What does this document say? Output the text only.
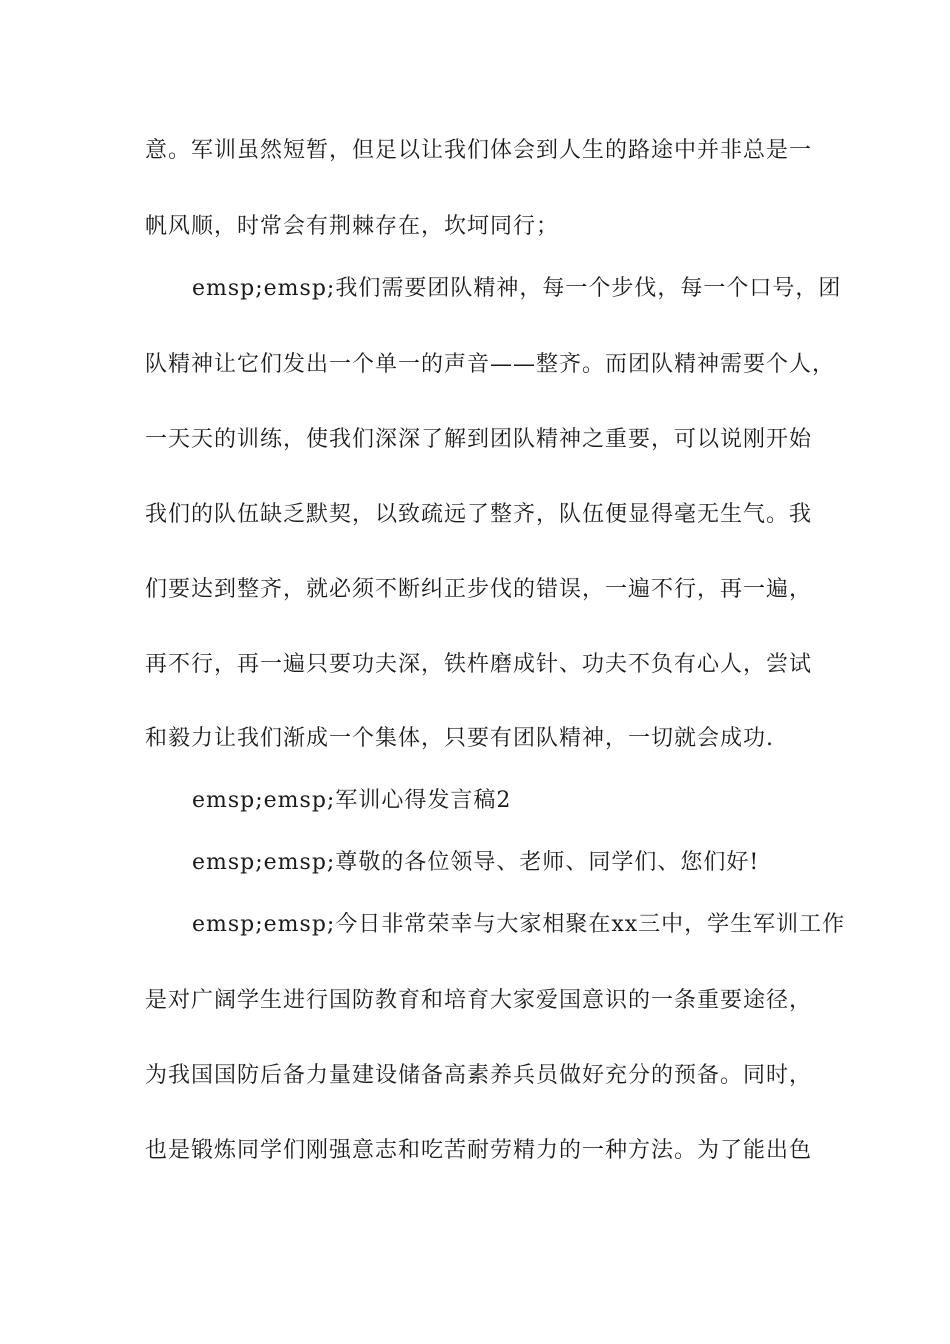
意。军训虽然短暂，但足以让我们体会到人生的路途中并非总是一
帆风顺，时常会有荆棘存在，坎坷同行；
emsp;emsp;我们需要团队精神，每一个步伐，每一个口号，团
队精神让它们发出一个单一的声音——整齐。而团队精神需要个人，
一天天的训练，使我们深深了解到团队精神之重要，可以说刚开始
我们的队伍缺乏默契，以致疏远了整齐，队伍便显得毫无生气。我
们要达到整齐，就必须不断纠正步伐的错误，一遍不行，再一遍，
再不行，再一遍只要功夫深，铁杵磨成针、功夫不负有心人，尝试
和毅力让我们渐成一个集体，只要有团队精神，一切就会成功.
emsp;emsp;军训心得发言稿2
emsp;emsp;尊敬的各位领导、老师、同学们、您们好!
emsp;emsp;今日非常荣幸与大家相聚在xx三中，学生军训工作
是对广阔学生进行国防教育和培育大家爱国意识的一条重要途径，
为我国国防后备力量建设储备高素养兵员做好充分的预备。同时，
也是锻炼同学们刚强意志和吃苦耐劳精力的一种方法。为了能出色
